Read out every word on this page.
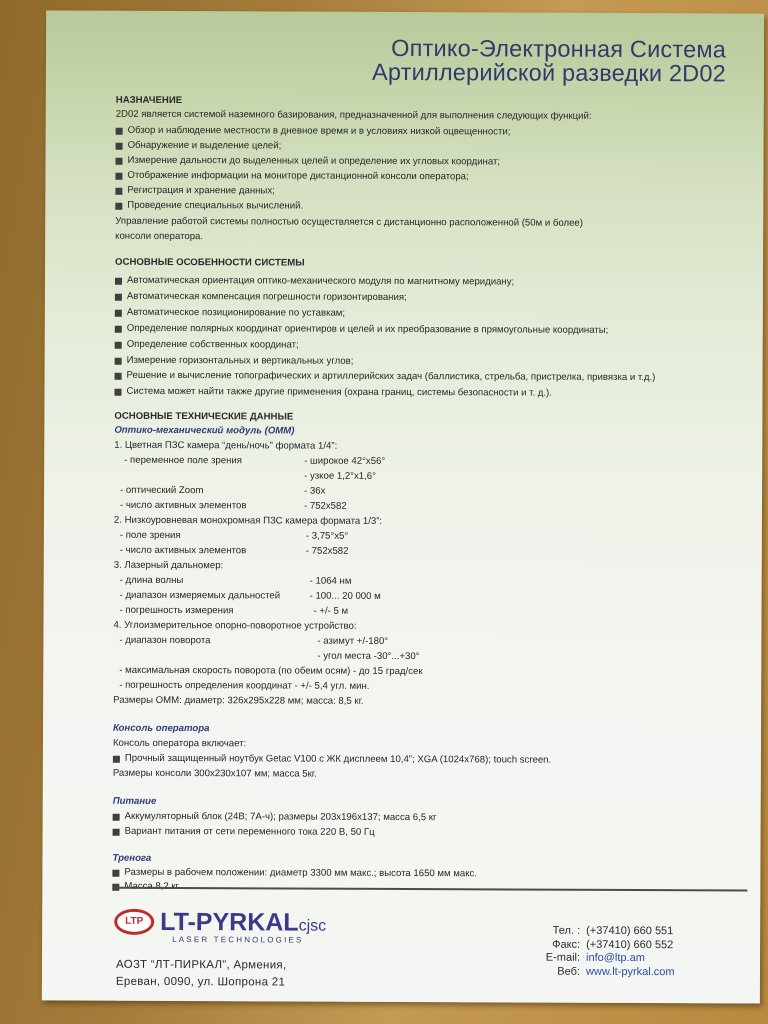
Оптико-Электронная Система
Артиллерийской разведки 2D02
НАЗНАЧЕНИЕ
2D02 является системой наземного базирования, предназначенной для выполнения следующих функций:
Обзор и наблюдение местности в дневное время и в условиях низкой оцвещенности;
Обнаружение и выделение целей;
Измерение дальности до выделенных целей и определение их угловых координат;
Отображение информации на мониторе дистанционной консоли оператора;
Регистрация и хранение данных;
Проведение специальных вычислений.
Управление работой системы полностью осуществляется с дистанционно расположенной (50м и более)
консоли оператора.
ОСНОВНЫЕ ОСОБЕННОСТИ СИСТЕМЫ
Автоматическая ориентация оптико-механического модуля по магнитному меридиану;
Автоматическая компенсация погрешности горизонтирования;
Автоматическое позиционирование по уставкам;
Определение полярных координат ориентиров и целей и их преобразование в прямоугольные координаты;
Определение собственных координат;
Измерение горизонтальных и вертикальных углов;
Решение и вычисление топографических и артиллерийских задач (баллистика, стрельба, пристрелка, привязка и т.д.)
Система может найти также другие применения (охрана границ, системы безопасности и т. д.).
ОСНОВНЫЕ ТЕХНИЧЕСКИЕ ДАННЫЕ
Оптико-механический модуль (ОММ)
1. Цветная ПЗС камера “день/ночь” формата 1/4”:
- переменное поле зрения	- широкое 42°x56°
- узкое 1,2°x1,6°
- оптический Zoom	- 36x
- число активных элементов	- 752x582
2. Низкоуровневая монохромная ПЗС камера формата 1/3”:
- поле зрения	- 3,75°x5°
- число активных элементов	- 752x582
3. Лазерный дальномер:
- длина волны	- 1064 нм
- диапазон измеряемых дальностей	- 100... 20 000 м
- погрешность измерения	- +/- 5 м
4. Углоизмерительное опорно-поворотное устройство:
- диапазон поворота	- азимут +/-180°
- угол места -30°...+30°
- максимальная скорость поворота (по обеим осям) - до 15 град/сек
- погрешность определения координат - +/- 5,4 угл. мин.
Размеры ОММ: диаметр: 326x295x228 мм; масса: 8,5 кг.
Консоль оператора
Консоль оператора включает:
Прочный защищенный ноутбук Getac V100 с ЖК дисплеем 10,4”; XGA (1024x768); touch screen.
Размеры консоли 300x230x107 мм; масса 5кг.
Питание
Аккумуляторный блок (24В; 7А-ч); размеры 203x196x137; масса 6,5 кг
Вариант питания от сети переменного тока 220 В, 50 Гц
Тренога
Размеры в рабочем положении: диаметр 3300 мм макс.; высота 1650 мм макс.
Масса 8,2 кг
LTP LT-PYRKALcjsc
LASER TECHNOLOGIES
АОЗТ “ЛТ-ПИРКАЛ”, Армения,
Ереван, 0090, ул. Шопрона 21
Тел. : (+37410) 660 551
Факс: (+37410) 660 552
E-mail: info@ltp.am
Веб: www.lt-pyrkal.com
